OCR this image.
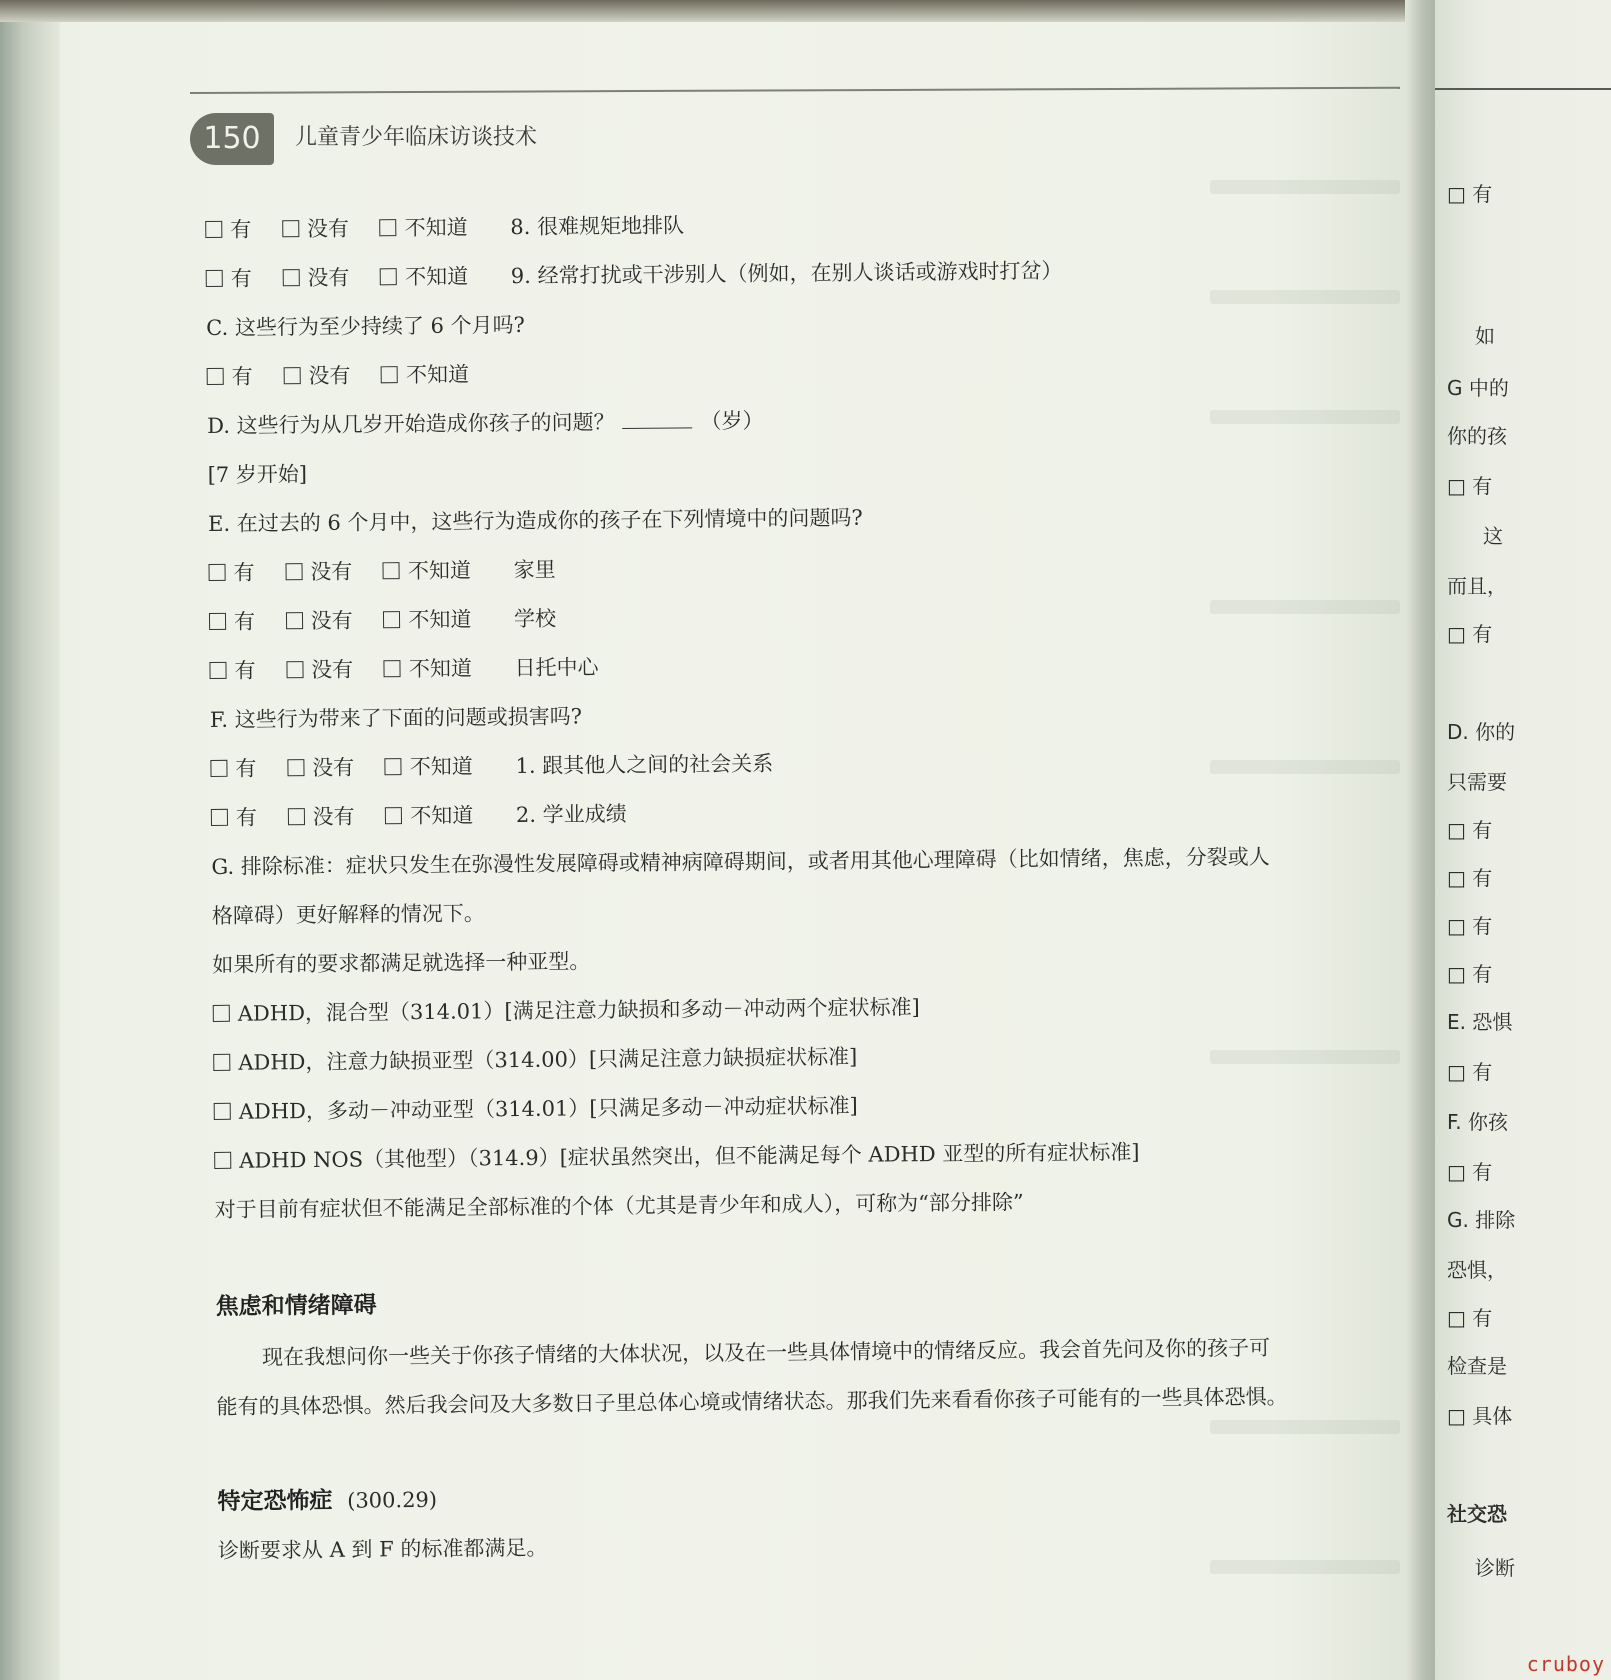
150	儿童青少年临床访谈技术
有	没有	不知道 8. 很难规矩地排队
有	没有	不知道 9. 经常打扰或干涉别人（例如，在别人谈话或游戏时打岔）
C. 这些行为至少持续了 6 个月吗?
有	没有	不知道
D. 这些行为从几岁开始造成你孩子的问题？	（岁）
[7 岁开始]
E. 在过去的 6 个月中，这些行为造成你的孩子在下列情境中的问题吗?
有	没有	不知道 家里
有	没有	不知道 学校
有	没有	不知道 日托中心
F. 这些行为带来了下面的问题或损害吗?
有	没有	不知道 1. 跟其他人之间的社会关系
有	没有	不知道 2. 学业成绩
G. 排除标准：症状只发生在弥漫性发展障碍或精神病障碍期间，或者用其他心理障碍（比如情绪，焦虑，分裂或人
格障碍）更好解释的情况下。
如果所有的要求都满足就选择一种亚型。
ADHD，混合型（314.01）[满足注意力缺损和多动－冲动两个症状标准]
ADHD，注意力缺损亚型（314.00）[只满足注意力缺损症状标准]
ADHD，多动－冲动亚型（314.01）[只满足多动－冲动症状标准]
ADHD NOS（其他型）（314.9）[症状虽然突出，但不能满足每个 ADHD 亚型的所有症状标准]
对于目前有症状但不能满足全部标准的个体（尤其是青少年和成人），可称为“部分排除”
焦虑和情绪障碍
现在我想问你一些关于你孩子情绪的大体状况，以及在一些具体情境中的情绪反应。我会首先问及你的孩子可
能有的具体恐惧。然后我会问及大多数日子里总体心境或情绪状态。那我们先来看看你孩子可能有的一些具体恐惧。
特定恐怖症 (300.29)
诊断要求从 A 到 F 的标准都满足。
□ 有
如
G 中的
你的孩
□ 有
这
而且，
□ 有
D. 你的
只需要
□ 有
□ 有
□ 有
□ 有
E. 恐惧
□ 有
F. 你孩
□ 有
G. 排除
恐惧，
□ 有
检查是
□ 具体
社交恐
诊断
cruboy
